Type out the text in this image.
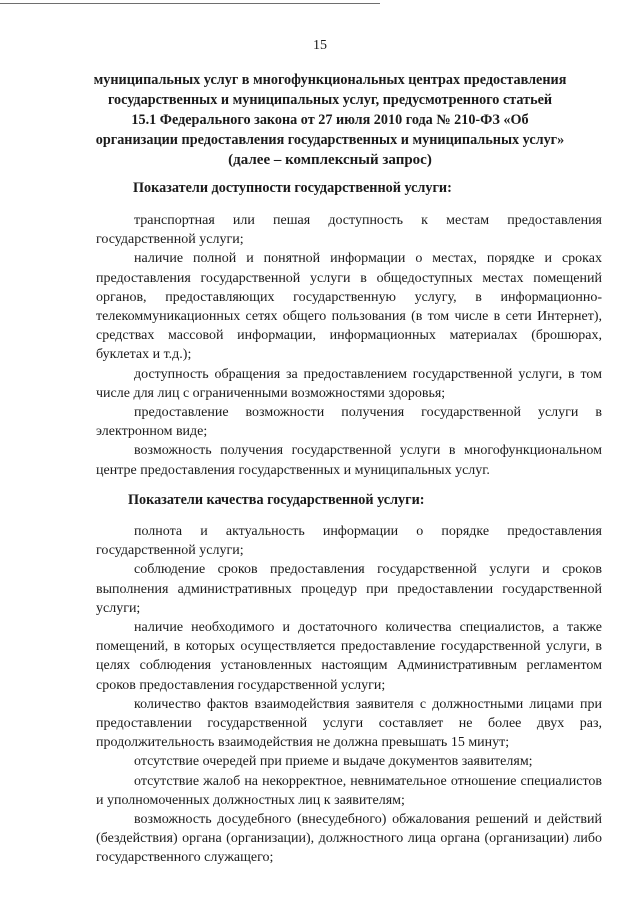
15
муниципальных услуг в многофункциональных центрах предоставления
государственных и муниципальных услуг, предусмотренного статьей
15.1 Федерального закона от 27 июля 2010 года № 210-ФЗ «Об
организации предоставления государственных и муниципальных услуг»
(далее – комплексный запрос)
Показатели доступности государственной услуги:

транспортная или пешая доступность к местам предоставления государственной услуги;

наличие полной и понятной информации о местах, порядке и сроках предоставления государственной услуги в общедоступных местах помещений органов, предоставляющих государственную услугу, в информационно-телекоммуникационных сетях общего пользования (в том числе в сети Интернет), средствах массовой информации, информационных материалах (брошюрах, буклетах и т.д.);

доступность обращения за предоставлением государственной услуги, в том числе для лиц с ограниченными возможностями здоровья;

предоставление возможности получения государственной услуги в электронном виде;

возможность получения государственной услуги в многофункциональном центре предоставления государственных и муниципальных услуг.

Показатели качества государственной услуги:

полнота и актуальность информации о порядке предоставления государственной услуги;

соблюдение сроков предоставления государственной услуги и сроков выполнения административных процедур при предоставлении государственной услуги;

наличие необходимого и достаточного количества специалистов, а также помещений, в которых осуществляется предоставление государственной услуги, в целях соблюдения установленных настоящим Административным регламентом сроков предоставления государственной услуги;

количество фактов взаимодействия заявителя с должностными лицами при предоставлении государственной услуги составляет не более двух раз, продолжительность взаимодействия не должна превышать 15 минут;

отсутствие очередей при приеме и выдаче документов заявителям;

отсутствие жалоб на некорректное, невнимательное отношение специалистов и уполномоченных должностных лиц к заявителям;

возможность досудебного (внесудебного) обжалования решений и действий (бездействия) органа (организации), должностного лица органа (организации) либо государственного служащего;
